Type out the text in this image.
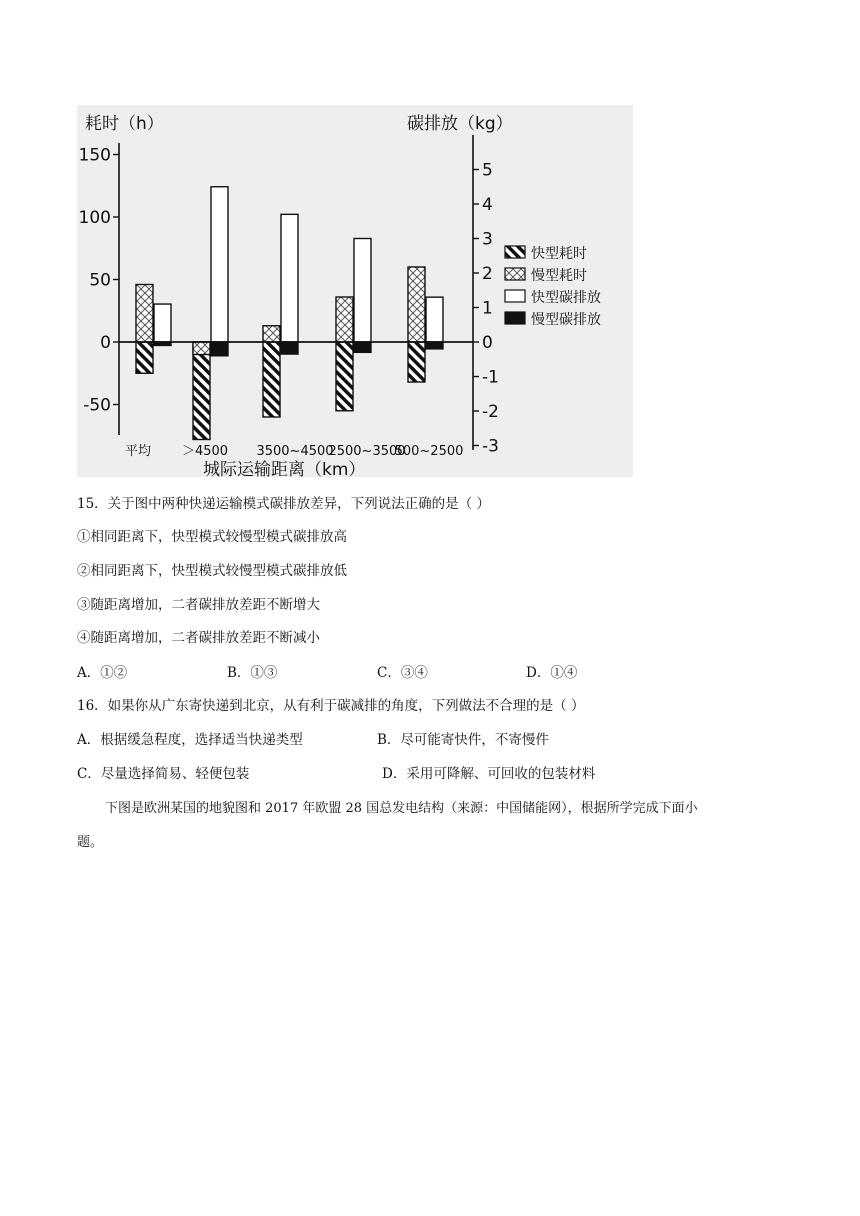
150
100
50
0
-50
5
4
3
2
1
0
-1
-2
-3
平均 ＞4500 3500~4500
2500~3500
500~2500
快型耗时
慢型耗时
快型碳排放
慢型碳排放
耗时（h）	碳排放（kg）
城际运输距离（km）
15．关于图中两种快递运输模式碳排放差异，下列说法正确的是（ ）
①相同距离下，快型模式较慢型模式碳排放高
②相同距离下，快型模式较慢型模式碳排放低
③随距离增加，二者碳排放差距不断增大
④随距离增加，二者碳排放差距不断减小
A．①②	B．①③	C．③④	D．①④
16．如果你从广东寄快递到北京，从有利于碳减排的角度，下列做法不合理的是（ ）
A．根据缓急程度，选择适当快递类型	B．尽可能寄快件，不寄慢件
C．尽量选择简易、轻便包装	D．采用可降解、可回收的包装材料
下图是欧洲某国的地貌图和 2017 年欧盟 28 国总发电结构（来源：中国储能网），根据所学完成下面小
题。
